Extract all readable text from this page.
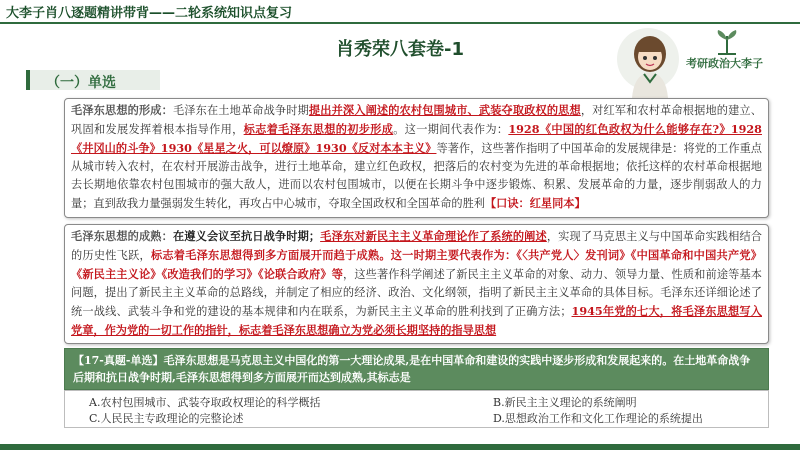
大李子肖八逐题精讲带背——二轮系统知识点复习
肖秀荣八套卷-1
（一）单选
考研政治大李子
毛泽东思想的形成：毛泽东在土地革命战争时期提出并深入阐述的农村包围城市、武装夺取政权的思想，对红军和农村革命根据地的建立、巩固和发展发挥着根本指导作用，标志着毛泽东思想的初步形成。这一期间代表作为：1928《中国的红色政权为什么能够存在?》1928《井冈山的斗争》1930《星星之火，可以燎原》1930《反对本本主义》等著作，这些著作指明了中国革命的发展规律是：将党的工作重点从城市转入农村，在农村开展游击战争，进行土地革命，建立红色政权，把落后的农村变为先进的革命根据地；依托这样的农村革命根据地去长期地依靠农村包围城市的强大敌人，进而以农村包围城市，以便在长期斗争中逐步锻炼、积累、发展革命的力量，逐步削弱敌人的力量；直到敌我力量强弱发生转化，再攻占中心城市，夺取全国政权和全国革命的胜利【口诀：红星同本】
毛泽东思想的成熟：在遵义会议至抗日战争时期；毛泽东对新民主主义革命理论作了系统的阐述，实现了马克思主义与中国革命实践相结合的历史性飞跃，标志着毛泽东思想得到多方面展开而趋于成熟。这一时期主要代表作为：《〈共产党人〉发刊词》《中国革命和中国共产党》《新民主主义论》《改造我们的学习》《论联合政府》等，这些著作科学阐述了新民主主义革命的对象、动力、领导力量、性质和前途等基本问题，提出了新民主主义革命的总路线，并制定了相应的经济、政治、文化纲领，指明了新民主主义革命的具体目标。毛泽东还详细论述了统一战线、武装斗争和党的建设的基本规律和内在联系，为新民主主义革命的胜利找到了正确方法；1945年党的七大，将毛泽东思想写入党章，作为党的一切工作的指针，标志着毛泽东思想确立为党必须长期坚持的指导思想
【17-真题-单选】毛泽东思想是马克思主义中国化的第一大理论成果,是在中国革命和建设的实践中逐步形成和发展起来的。在土地革命战争后期和抗日战争时期,毛泽东思想得到多方面展开而达到成熟,其标志是
A.农村包围城市、武装夺取政权理论的科学概括	B.新民主主义理论的系统阐明
C.人民民主专政理论的完整论述	D.思想政治工作和文化工作理论的系统提出
